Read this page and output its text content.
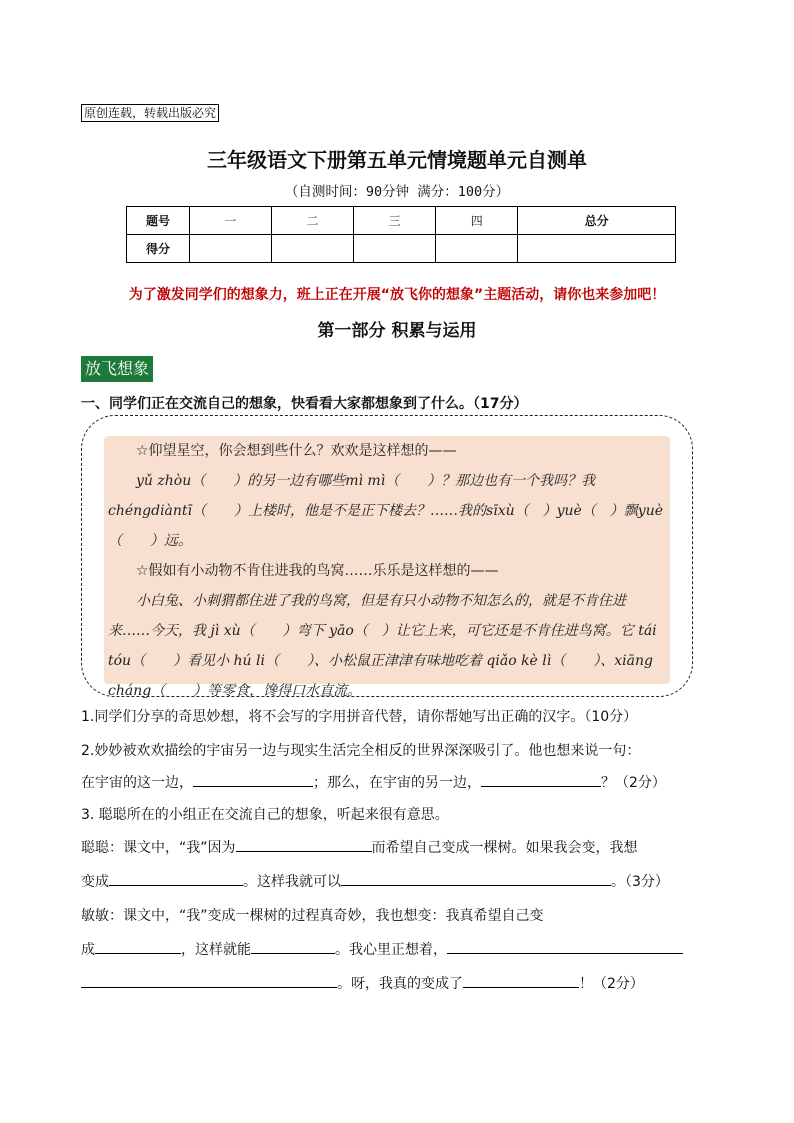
原创连载，转载出版必究
三年级语文下册第五单元情境题单元自测单
（自测时间：90分钟 满分：100分）
题号	一	二	三	四	总分
得分					
为了激发同学们的想象力，班上正在开展“放飞你的想象”主题活动，请你也来参加吧！
第一部分 积累与运用
放飞想象
一、同学们正在交流自己的想象，快看看大家都想象到了什么。（17分）

☆仰望星空，你会想到些什么？欢欢是这样想的——

yǔ zhòu（　　）的另一边有哪些mì mì（　　）？那边也有一个我吗？我 chéngdiàntī（　　）上楼时，他是不是正下楼去？……我的sīxù（　）yuè（　）飘yuè（　　）远。

☆假如有小动物不肯住进我的鸟窝……乐乐是这样想的——

小白兔、小刺猬都住进了我的鸟窝，但是有只小动物不知怎么的，就是不肯住进来……今天，我 jì xù（　　）弯下 yāo（　）让它上来，可它还是不肯住进鸟窝。它 tái tóu（　　）看见小 hú li（　　）、小松鼠正津津有味地吃着 qiǎo kè lì（　　）、xiāng cháng（　　）等零食，馋得口水直流。

1.同学们分享的奇思妙想，将不会写的字用拼音代替，请你帮她写出正确的汉字。（10分）
2.妙妙被欢欢描绘的宇宙另一边与现实生活完全相反的世界深深吸引了。他也想来说一句：
在宇宙的这一边，	；那么，在宇宙的另一边，	？（2分）
3. 聪聪所在的小组正在交流自己的想象，听起来很有意思。
聪聪：课文中，“我”因为	而希望自己变成一棵树。如果我会变，我想
变成	。这样我就可以	。（3分）
敏敏：课文中，“我”变成一棵树的过程真奇妙，我也想变：我真希望自己变
成	，这样就能	。我心里正想着，
。呀，我真的变成了	！（2分）
